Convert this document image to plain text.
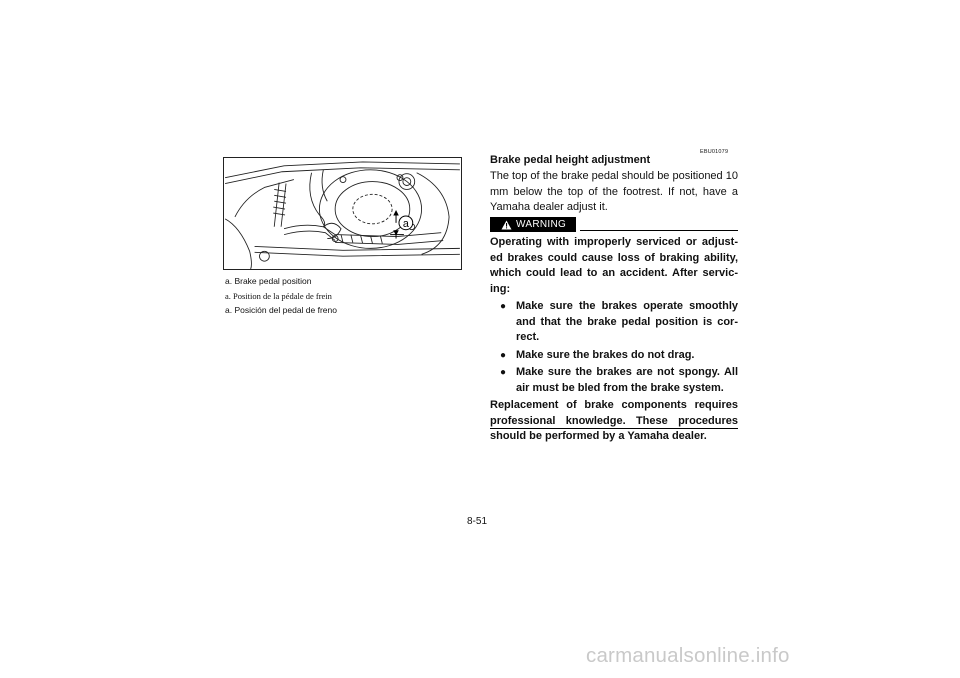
a

a. Brake pedal position

a. Position de la pédale de frein

a. Posición del pedal de freno

EBU01079
Brake pedal height adjustment

The top of the brake pedal should be positioned 10 mm below the top of the footrest. If not, have a Yamaha dealer adjust it.

WARNING

Operating with improperly serviced or adjust-ed brakes could cause loss of braking ability, which could lead to an accident. After servic-ing:

● Make sure the brakes operate smoothly and that the brake pedal position is cor-rect.
● Make sure the brakes do not drag.
● Make sure the brakes are not spongy. All air must be bled from the brake system.

Replacement of brake components requires professional knowledge. These procedures should be performed by a Yamaha dealer.

8-51
carmanualsonline.info
